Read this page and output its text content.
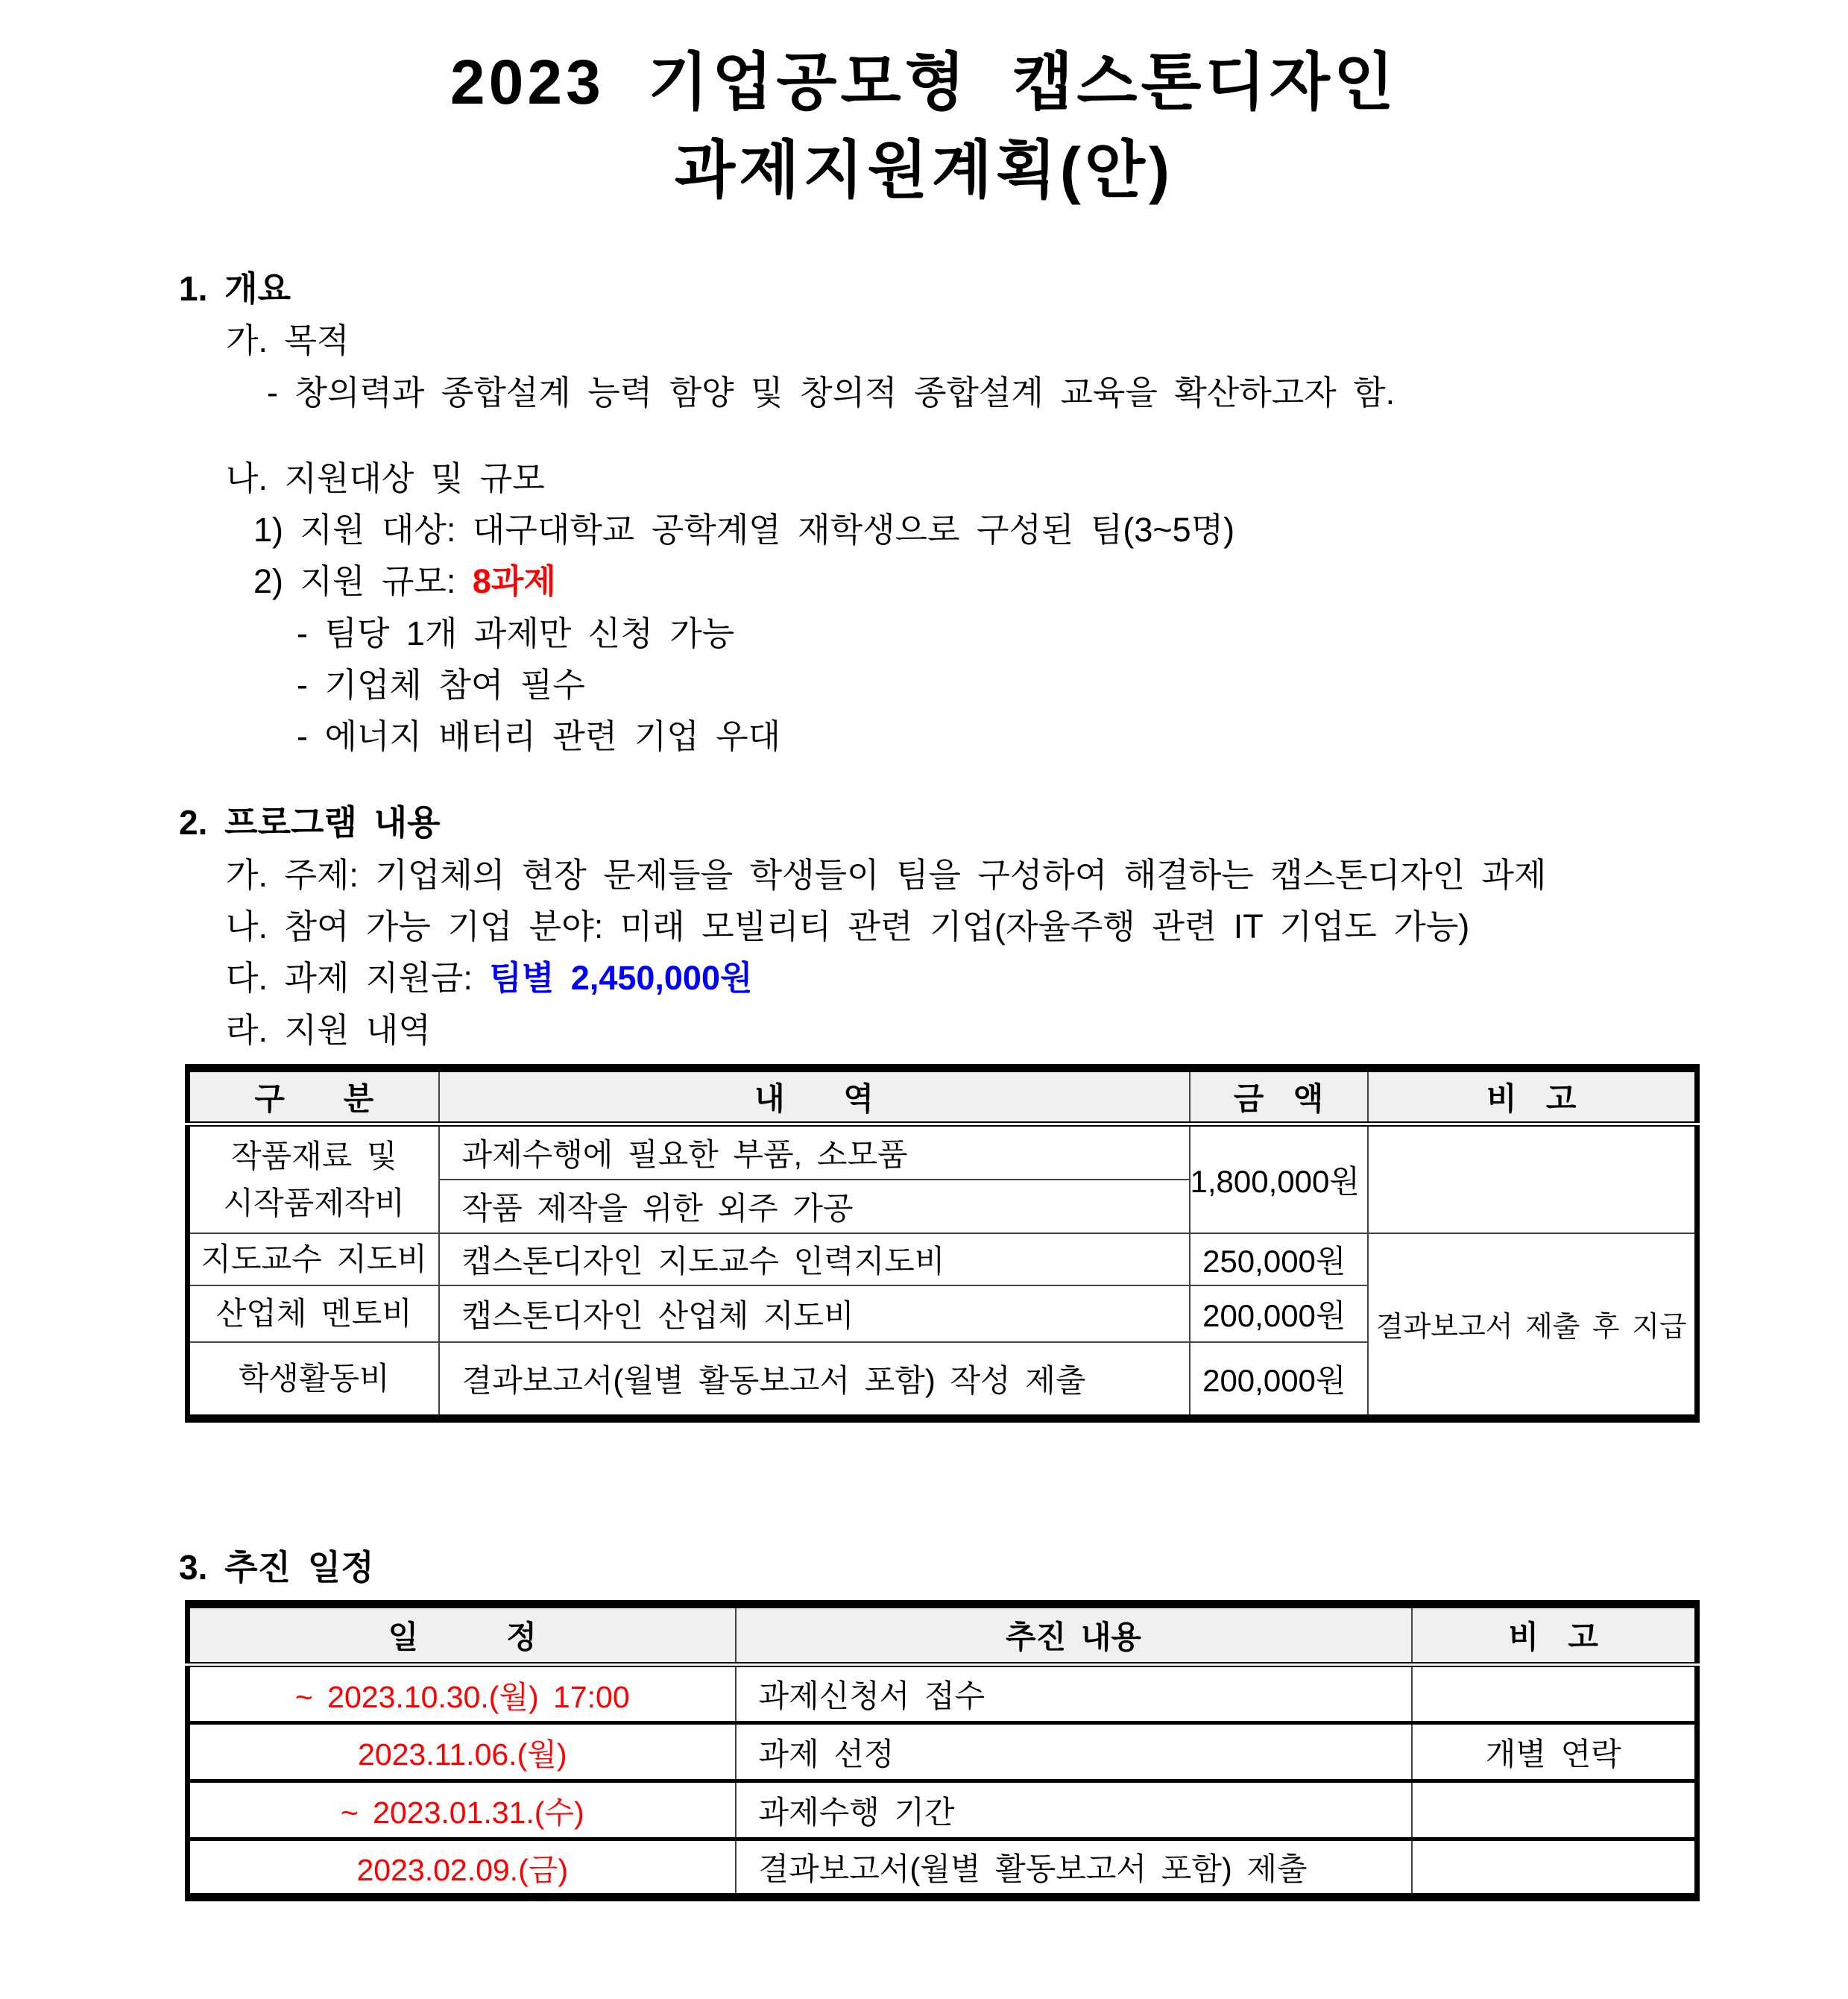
2023 기업공모형 캡스톤디자인
과제지원계획(안)
1. 개요
가. 목적
- 창의력과 종합설계 능력 함양 및 창의적 종합설계 교육을 확산하고자 함.
나. 지원대상 및 규모
1) 지원 대상: 대구대학교 공학계열 재학생으로 구성된 팀(3~5명)
2) 지원 규모: 8과제
- 팀당 1개 과제만 신청 가능
- 기업체 참여 필수
- 에너지 배터리 관련 기업 우대
2. 프로그램 내용
가. 주제: 기업체의 현장 문제들을 학생들이 팀을 구성하여 해결하는 캡스톤디자인 과제
나. 참여 가능 기업 분야: 미래 모빌리티 관련 기업(자율주행 관련 IT 기업도 가능)
다. 과제 지원금: 팀별 2,450,000원
라. 지원 내역
구    분	내    역	금  액	비  고
작품재료 및 시작품제작비	과제수행에 필요한 부품, 소모품	1,800,000원	
	작품 제작을 위한 외주 가공		
지도교수 지도비	캡스톤디자인 지도교수 인력지도비	250,000원	결과보고서 제출 후 지급
산업체 멘토비	캡스톤디자인 산업체 지도비	200,000원	
학생활동비	결과보고서(월별 활동보고서 포함) 작성 제출	200,000원	
3. 추진 일정
일      정	추진 내용	비  고
~ 2023.10.30.(월) 17:00	과제신청서 접수	
2023.11.06.(월)	과제 선정	개별 연락
~ 2023.01.31.(수)	과제수행 기간	
2023.02.09.(금)	결과보고서(월별 활동보고서 포함) 제출	
